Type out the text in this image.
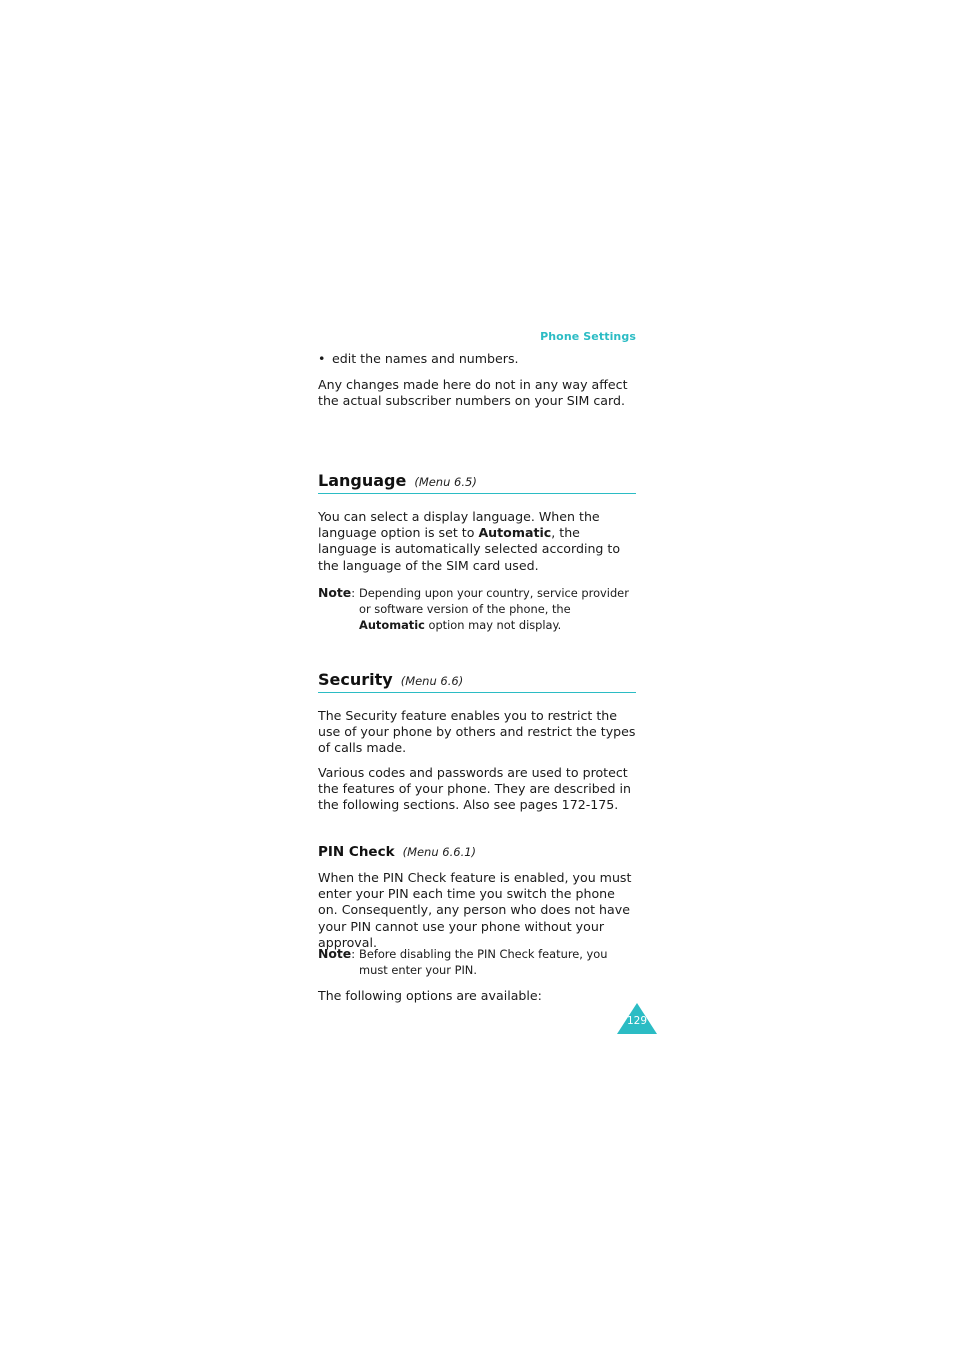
Phone Settings
• edit the names and numbers.

Any changes made here do not in any way affect the actual subscriber numbers on your SIM card.

Language (Menu 6.5)

You can select a display language. When the language option is set to Automatic, the language is automatically selected according to the language of the SIM card used.

Note: Depending upon your country, service provider or software version of the phone, the Automatic option may not display.
Security (Menu 6.6)

The Security feature enables you to restrict the use of your phone by others and restrict the types of calls made.

Various codes and passwords are used to protect the features of your phone. They are described in the following sections. Also see pages 172-175.

PIN Check (Menu 6.6.1)

When the PIN Check feature is enabled, you must enter your PIN each time you switch the phone on. Consequently, any person who does not have your PIN cannot use your phone without your approval.

Note: Before disabling the PIN Check feature, you must enter your PIN.

The following options are available:

129
